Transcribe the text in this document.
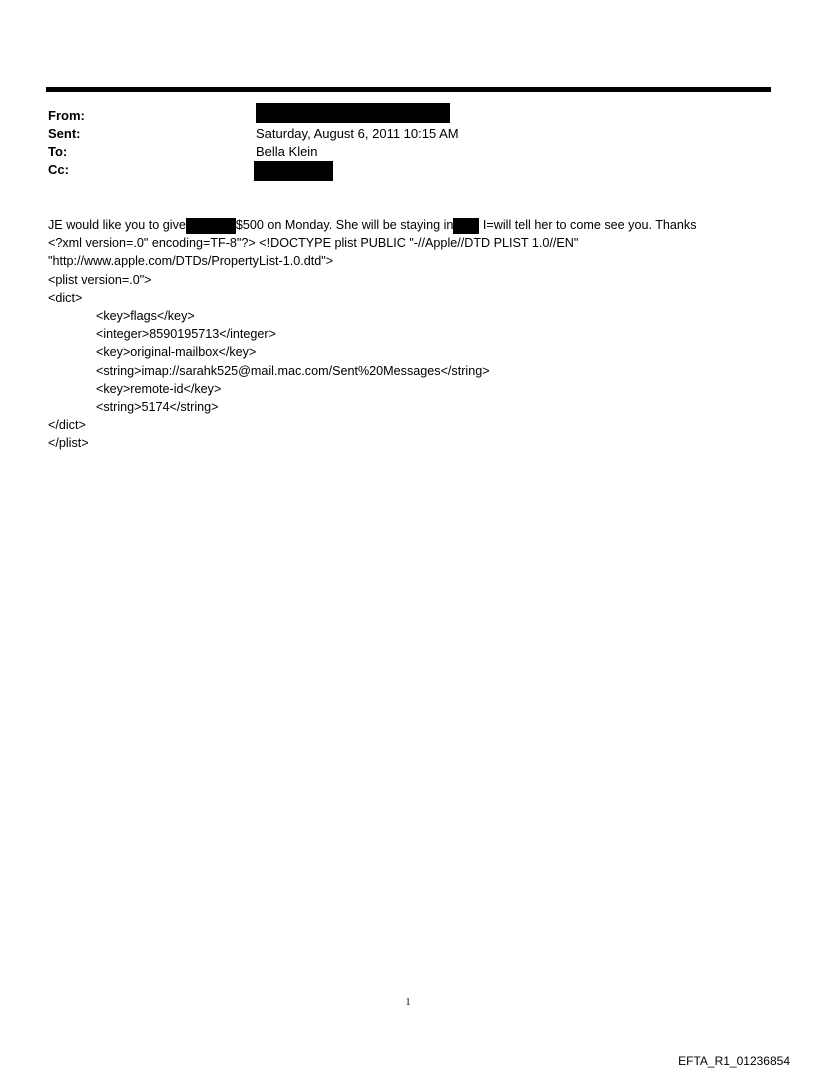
From:
Sent:	Saturday, August 6, 2011 10:15 AM
To:	Bella Klein
Cc:
JE would like you to give	$500 on Monday. She will be staying in I=will tell her to come see you. Thanks
<?xml version=.0" encoding=TF-8"?> <!DOCTYPE plist PUBLIC "-//Apple//DTD PLIST 1.0//EN"
"http://www.apple.com/DTDs/PropertyList-1.0.dtd">
<plist version=.0">
<dict>
<key>flags</key>
<integer>8590195713</integer>
<key>original-mailbox</key>
<string>imap://sarahk525@mail.mac.com/Sent%20Messages</string>
<key>remote-id</key>
<string>5174</string>
</dict>
</plist>
1
EFTA_R1_01236854
